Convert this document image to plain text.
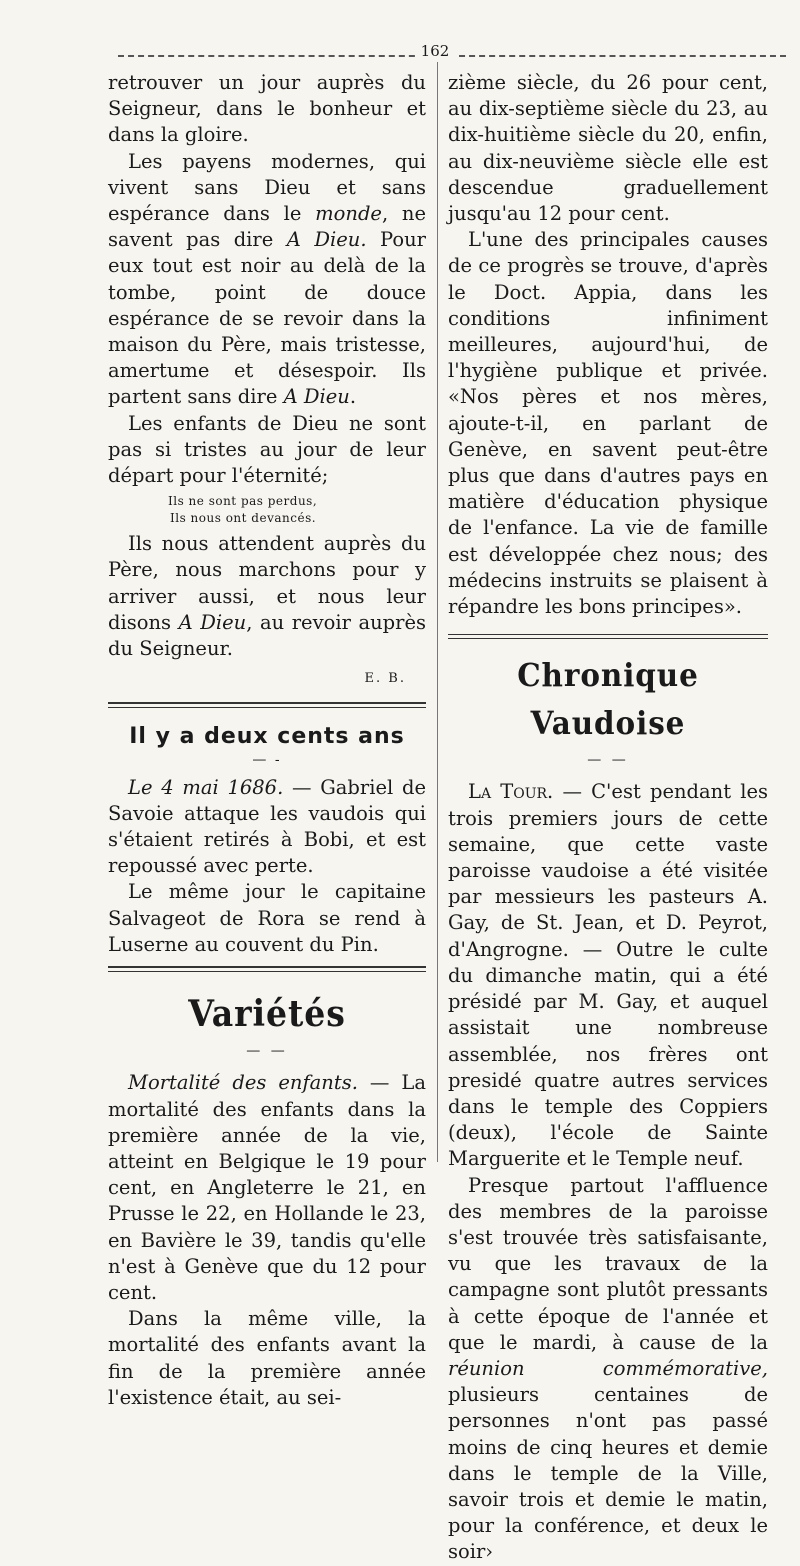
162

retrouver un jour auprès du Seigneur, dans le bonheur et dans la gloire.

Les payens modernes, qui vivent sans Dieu et sans espérance dans le monde, ne savent pas dire A Dieu. Pour eux tout est noir au delà de la tombe, point de douce espérance de se revoir dans la maison du Père, mais tristesse, amertume et désespoir. Ils partent sans dire A Dieu.

Les enfants de Dieu ne sont pas si tristes au jour de leur départ pour l'éternité;

Ils ne sont pas perdus,
Ils nous ont devancés.

Ils nous attendent auprès du Père, nous marchons pour y arriver aussi, et nous leur disons A Dieu, au revoir auprès du Seigneur.

E. B.
Il y a deux cents ans
— -

Le 4 mai 1686. — Gabriel de Savoie attaque les vaudois qui s'étaient retirés à Bobi, et est repoussé avec perte.

Le même jour le capitaine Salvageot de Rora se rend à Luserne au couvent du Pin.

Variétés
— —

Mortalité des enfants. — La mortalité des enfants dans la première année de la vie, atteint en Belgique le 19 pour cent, en Angleterre le 21, en Prusse le 22, en Hollande le 23, en Bavière le 39, tandis qu'elle n'est à Genève que du 12 pour cent.

Dans la même ville, la mortalité des enfants avant la fin de la première année l'existence était, au sei-

zième siècle, du 26 pour cent, au dix-septième siècle du 23, au dix-huitième siècle du 20, enfin, au dix-neuvième siècle elle est descendue graduellement jusqu'au 12 pour cent.

L'une des principales causes de ce progrès se trouve, d'après le Doct. Appia, dans les conditions infiniment meilleures, aujourd'hui, de l'hygiène publique et privée. «Nos pères et nos mères, ajoute-t-il, en parlant de Genève, en savent peut-être plus que dans d'autres pays en matière d'éducation physique de l'enfance. La vie de famille est développée chez nous; des médecins instruits se plaisent à répandre les bons principes».

Chronique Vaudoise
— —

La Tour. — C'est pendant les trois premiers jours de cette semaine, que cette vaste paroisse vaudoise a été visitée par messieurs les pasteurs A. Gay, de St. Jean, et D. Peyrot, d'Angrogne. — Outre le culte du dimanche matin, qui a été présidé par M. Gay, et auquel assistait une nombreuse assemblée, nos frères ont presidé quatre autres services dans le temple des Coppiers (deux), l'école de Sainte Marguerite et le Temple neuf.

Presque partout l'affluence des membres de la paroisse s'est trouvée très satisfaisante, vu que les travaux de la campagne sont plutôt pressants à cette époque de l'année et que le mardi, à cause de la réunion commémorative, plusieurs centaines de personnes n'ont pas passé moins de cinq heures et demie dans le temple de la Ville, savoir trois et demie le matin, pour la conférence, et deux le soir›
